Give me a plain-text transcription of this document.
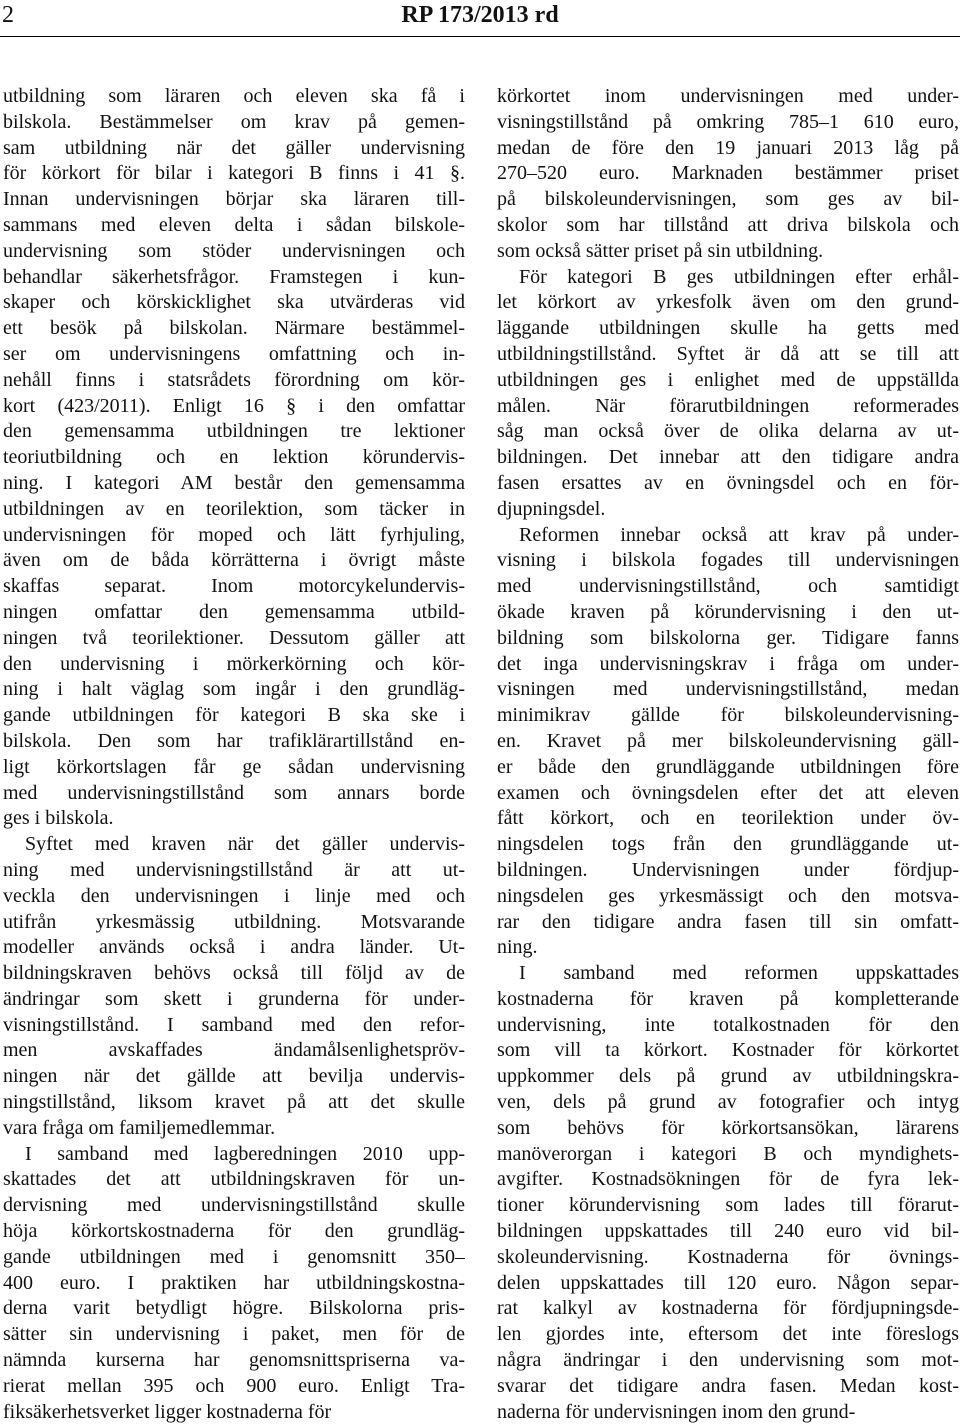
2	RP 173/2013 rd
utbildning som läraren och eleven ska få i
bilskola. Bestämmelser om krav på gemen-
sam utbildning när det gäller undervisning
för körkort för bilar i kategori B finns i 41 §.
Innan undervisningen börjar ska läraren till-
sammans med eleven delta i sådan bilskole-
undervisning som stöder undervisningen och
behandlar säkerhetsfrågor. Framstegen i kun-
skaper och körskicklighet ska utvärderas vid
ett besök på bilskolan. Närmare bestämmel-
ser om undervisningens omfattning och in-
nehåll finns i statsrådets förordning om kör-
kort (423/2011). Enligt 16 § i den omfattar
den gemensamma utbildningen tre lektioner
teoriutbildning och en lektion körundervis-
ning. I kategori AM består den gemensamma
utbildningen av en teorilektion, som täcker in
undervisningen för moped och lätt fyrhjuling,
även om de båda körrätterna i övrigt måste
skaffas separat. Inom motorcykelundervis-
ningen omfattar den gemensamma utbild-
ningen två teorilektioner. Dessutom gäller att
den undervisning i mörkerkörning och kör-
ning i halt väglag som ingår i den grundläg-
gande utbildningen för kategori B ska ske i
bilskola. Den som har trafiklärartillstånd en-
ligt körkortslagen får ge sådan undervisning
med undervisningstillstånd som annars borde
ges i bilskola.
Syftet med kraven när det gäller undervis-
ning med undervisningstillstånd är att ut-
veckla den undervisningen i linje med och
utifrån yrkesmässig utbildning. Motsvarande
modeller används också i andra länder. Ut-
bildningskraven behövs också till följd av de
ändringar som skett i grunderna för under-
visningstillstånd. I samband med den refor-
men avskaffades ändamålsenlighetspröv-
ningen när det gällde att bevilja undervis-
ningstillstånd, liksom kravet på att det skulle
vara fråga om familjemedlemmar.
I samband med lagberedningen 2010 upp-
skattades det att utbildningskraven för un-
dervisning med undervisningstillstånd skulle
höja körkortskostnaderna för den grundläg-
gande utbildningen med i genomsnitt 350–
400 euro. I praktiken har utbildningskostna-
derna varit betydligt högre. Bilskolorna pris-
sätter sin undervisning i paket, men för de
nämnda kurserna har genomsnittspriserna va-
rierat mellan 395 och 900 euro. Enligt Tra-
fiksäkerhetsverket ligger kostnaderna för
körkortet inom undervisningen med under-
visningstillstånd på omkring 785–1 610 euro,
medan de före den 19 januari 2013 låg på
270–520 euro. Marknaden bestämmer priset
på bilskoleundervisningen, som ges av bil-
skolor som har tillstånd att driva bilskola och
som också sätter priset på sin utbildning.
För kategori B ges utbildningen efter erhål-
let körkort av yrkesfolk även om den grund-
läggande utbildningen skulle ha getts med
utbildningstillstånd. Syftet är då att se till att
utbildningen ges i enlighet med de uppställda
målen. När förarutbildningen reformerades
såg man också över de olika delarna av ut-
bildningen. Det innebar att den tidigare andra
fasen ersattes av en övningsdel och en för-
djupningsdel.
Reformen innebar också att krav på under-
visning i bilskola fogades till undervisningen
med undervisningstillstånd, och samtidigt
ökade kraven på körundervisning i den ut-
bildning som bilskolorna ger. Tidigare fanns
det inga undervisningskrav i fråga om under-
visningen med undervisningstillstånd, medan
minimikrav gällde för bilskoleundervisning-
en. Kravet på mer bilskoleundervisning gäll-
er både den grundläggande utbildningen före
examen och övningsdelen efter det att eleven
fått körkort, och en teorilektion under öv-
ningsdelen togs från den grundläggande ut-
bildningen. Undervisningen under fördjup-
ningsdelen ges yrkesmässigt och den motsva-
rar den tidigare andra fasen till sin omfatt-
ning.
I samband med reformen uppskattades
kostnaderna för kraven på kompletterande
undervisning, inte totalkostnaden för den
som vill ta körkort. Kostnader för körkortet
uppkommer dels på grund av utbildningskra-
ven, dels på grund av fotografier och intyg
som behövs för körkortsansökan, lärarens
manöverorgan i kategori B och myndighets-
avgifter. Kostnadsökningen för de fyra lek-
tioner körundervisning som lades till förarut-
bildningen uppskattades till 240 euro vid bil-
skoleundervisning. Kostnaderna för övnings-
delen uppskattades till 120 euro. Någon separ-
rat kalkyl av kostnaderna för fördjupningsde-
len gjordes inte, eftersom det inte föreslogs
några ändringar i den undervisning som mot-
svarar det tidigare andra fasen. Medan kost-
naderna för undervisningen inom den grund-
